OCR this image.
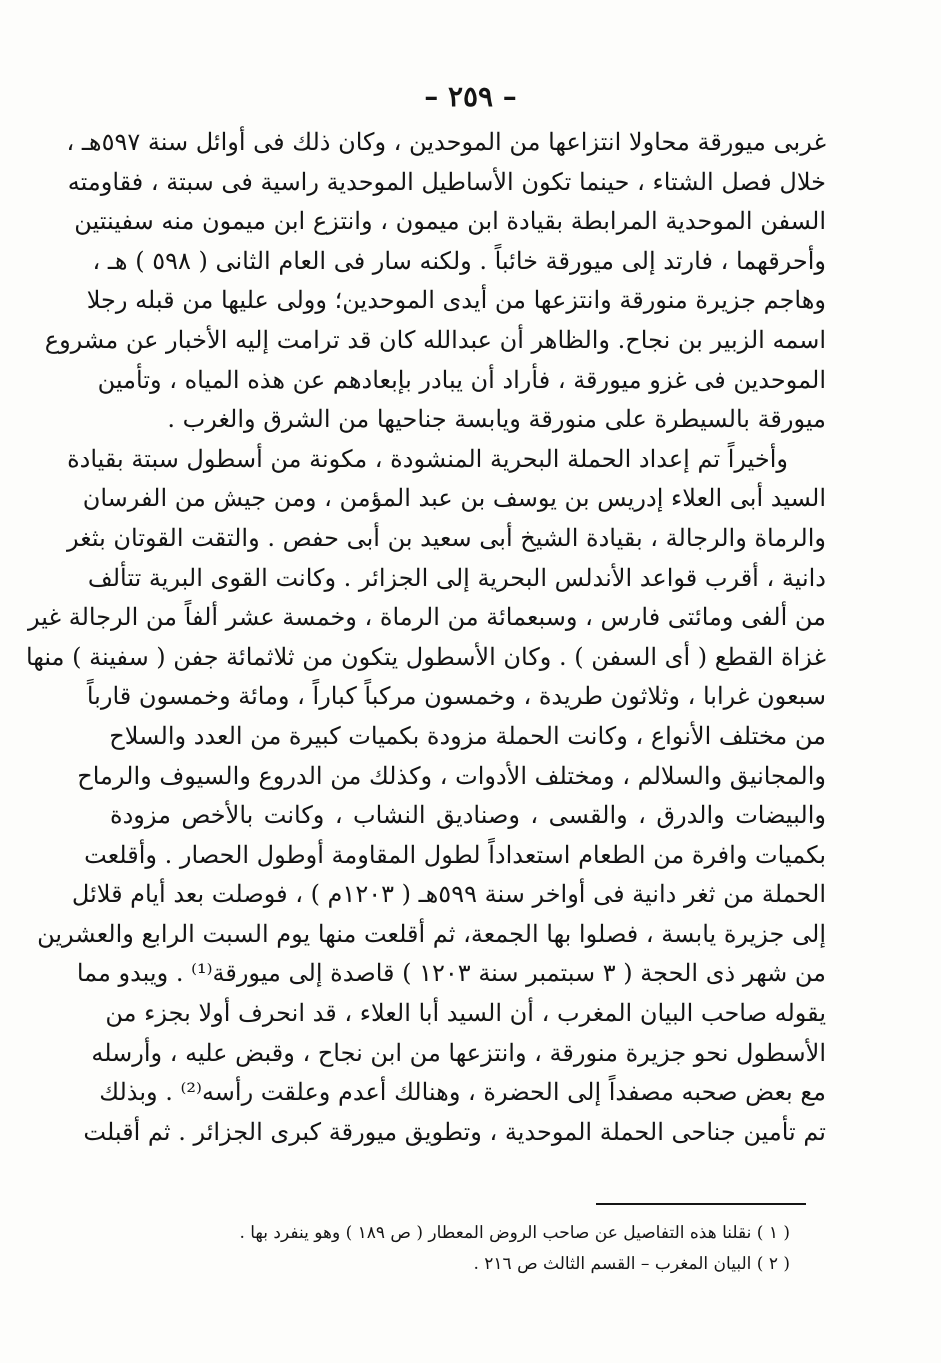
– ٢٥٩ –
غربى ميورقة محاولا انتزاعها من الموحدين ، وكان ذلك فى أوائل سنة ٥٩٧هـ ،
خلال فصل الشتاء ، حينما تكون الأساطيل الموحدية راسية فى سبتة ، فقاومته
السفن الموحدية المرابطة بقيادة ابن ميمون ، وانتزع ابن ميمون منه سفينتين
وأحرقهما ، فارتد إلى ميورقة خائباً . ولكنه سار فى العام الثانى ( ٥٩٨ ) هـ ،
وهاجم جزيرة منورقة وانتزعها من أيدى الموحدين؛ وولى عليها من قبله رجلا
اسمه الزبير بن نجاح. والظاهر أن عبدالله كان قد ترامت إليه الأخبار عن مشروع
الموحدين فى غزو ميورقة ، فأراد أن يبادر بإبعادهم عن هذه المياه ، وتأمين
ميورقة بالسيطرة على منورقة ويابسة جناحيها من الشرق والغرب .
وأخيراً تم إعداد الحملة البحرية المنشودة ، مكونة من أسطول سبتة بقيادة
السيد أبى العلاء إدريس بن يوسف بن عبد المؤمن ، ومن جيش من الفرسان
والرماة والرجالة ، بقيادة الشيخ أبى سعيد بن أبى حفص . والتقت القوتان بثغر
دانية ، أقرب قواعد الأندلس البحرية إلى الجزائر . وكانت القوى البرية تتألف
من ألفى ومائتى فارس ، وسبعمائة من الرماة ، وخمسة عشر ألفاً من الرجالة غير
غزاة القطع ( أى السفن ) . وكان الأسطول يتكون من ثلاثمائة جفن ( سفينة ) منها
سبعون غرابا ، وثلاثون طريدة ، وخمسون مركباً كباراً ، ومائة وخمسون قارباً
من مختلف الأنواع ، وكانت الحملة مزودة بكميات كبيرة من العدد والسلاح
والمجانيق والسلالم ، ومختلف الأدوات ، وكذلك من الدروع والسيوف والرماح
والبيضات والدرق ، والقسى ، وصناديق النشاب ، وكانت بالأخص مزودة
بكميات وافرة من الطعام استعداداً لطول المقاومة أوطول الحصار . وأقلعت
الحملة من ثغر دانية فى أواخر سنة ٥٩٩هـ ( ١٢٠٣م ) ، فوصلت بعد أيام قلائل
إلى جزيرة يابسة ، فصلوا بها الجمعة، ثم أقلعت منها يوم السبت الرابع والعشرين
من شهر ذى الحجة ( ٣ سبتمبر سنة ١٢٠٣ ) قاصدة إلى ميورقة⁽¹⁾ . ويبدو مما
يقوله صاحب البيان المغرب ، أن السيد أبا العلاء ، قد انحرف أولا بجزء من
الأسطول نحو جزيرة منورقة ، وانتزعها من ابن نجاح ، وقبض عليه ، وأرسله
مع بعض صحبه مصفداً إلى الحضرة ، وهنالك أعدم وعلقت رأسه⁽²⁾ . وبذلك
تم تأمين جناحى الحملة الموحدية ، وتطويق ميورقة كبرى الجزائر . ثم أقبلت
( ١ ) نقلنا هذه التفاصيل عن صاحب الروض المعطار ( ص ١٨٩ ) وهو ينفرد بها .
( ٢ ) البيان المغرب – القسم الثالث ص ٢١٦ .
